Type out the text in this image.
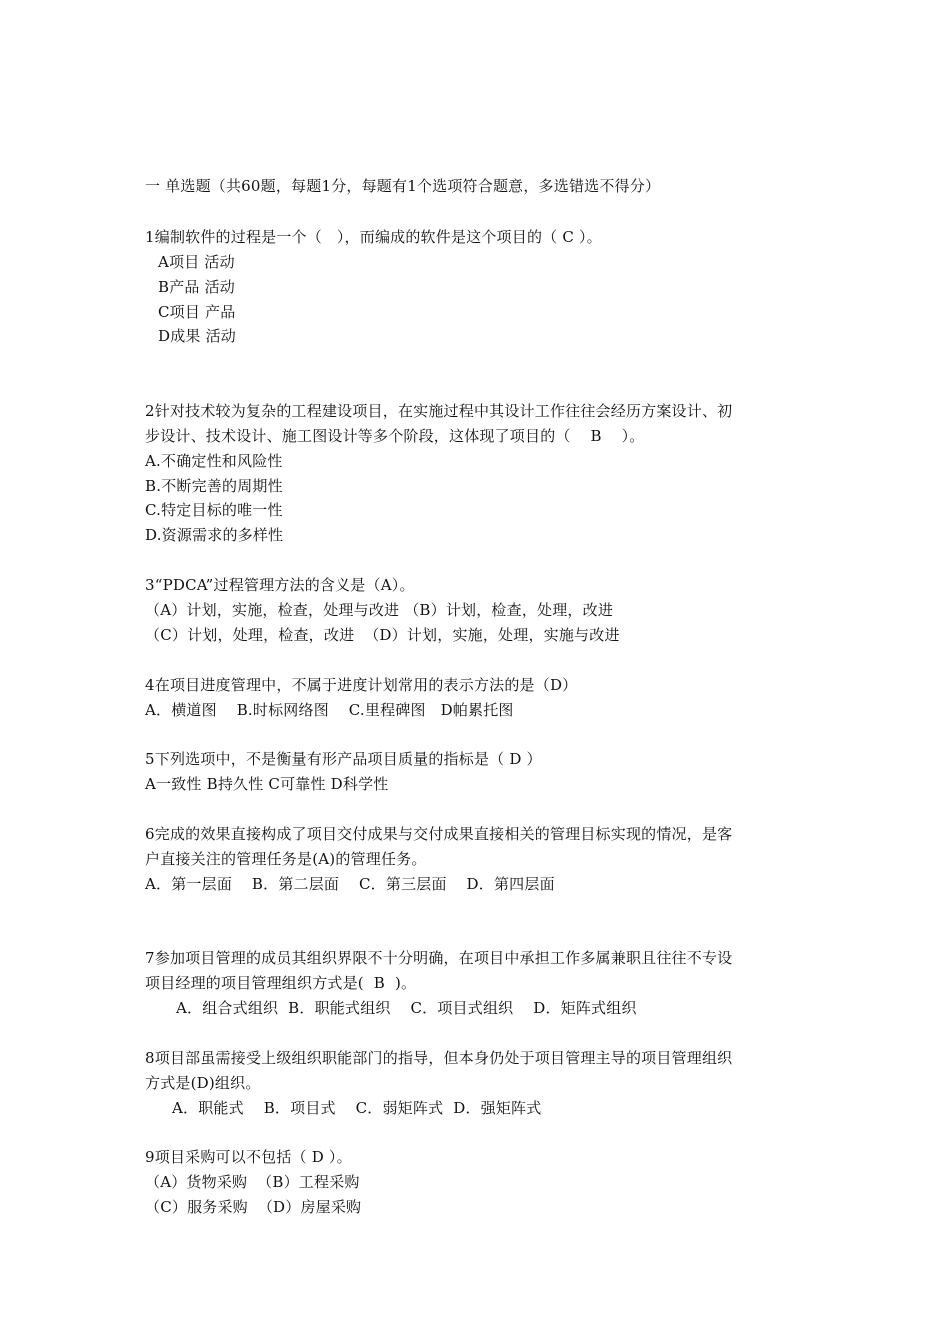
一 单选题（共60题，每题1分，每题有1个选项符合题意，多选错选不得分）
1编制软件的过程是一个（   ），而编成的软件是这个项目的（ C ）。
A项目 活动
B产品 活动
C项目 产品
D成果 活动
2针对技术较为复杂的工程建设项目，在实施过程中其设计工作往往会经历方案设计、初
步设计、技术设计、施工图设计等多个阶段，这体现了项目的（    B    ）。
A.不确定性和风险性
B.不断完善的周期性
C.特定目标的唯一性
D.资源需求的多样性
3“PDCA”过程管理方法的含义是（A）。
（A）计划，实施，检查，处理与改进 （B）计划，检查，处理，改进
（C）计划，处理，检查，改进  （D）计划，实施，处理，实施与改进
4在项目进度管理中，不属于进度计划常用的表示方法的是（D）
A．横道图    B.时标网络图    C.里程碑图   D帕累托图
5下列选项中，不是衡量有形产品项目质量的指标是（ D ）
A一致性 B持久性 C可靠性 D科学性
6完成的效果直接构成了项目交付成果与交付成果直接相关的管理目标实现的情况，是客
户直接关注的管理任务是(A)的管理任务。
A．第一层面    B．第二层面    C．第三层面    D．第四层面
7参加项目管理的成员其组织界限不十分明确，在项目中承担工作多属兼职且往往不专设
项目经理的项目管理组织方式是(  B  )。
A．组合式组织  B．职能式组织    C．项目式组织    D．矩阵式组织
8项目部虽需接受上级组织职能部门的指导，但本身仍处于项目管理主导的项目管理组织
方式是(D)组织。
A．职能式    B．项目式    C．弱矩阵式  D．强矩阵式
9项目采购可以不包括（ D ）。
（A）货物采购  （B）工程采购
（C）服务采购  （D）房屋采购
